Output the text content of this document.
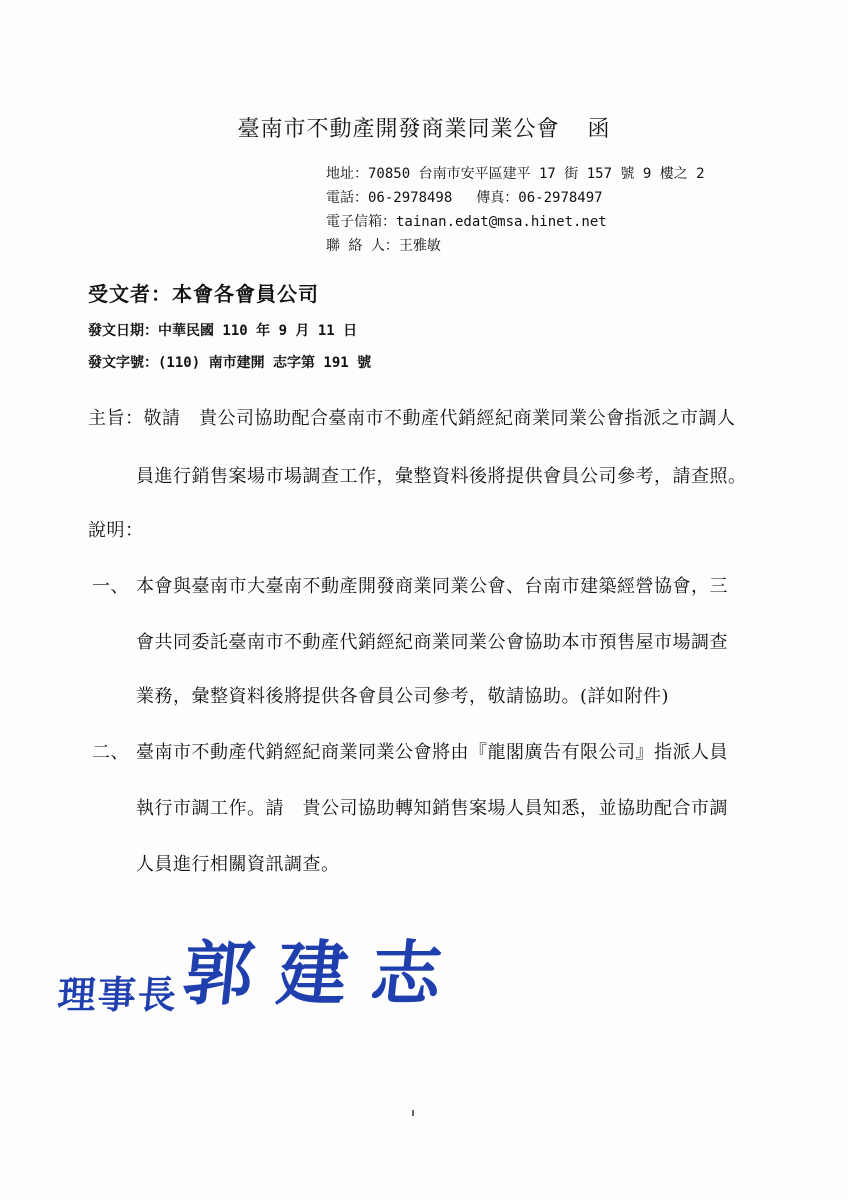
臺南市不動產開發商業同業公會 函
地址：70850 台南市安平區建平 17 街 157 號 9 樓之 2
電話：06-2978498 傳真：06-2978497
電子信箱：tainan.edat@msa.hinet.net
聯 絡 人：王雅敏
受文者：本會各會員公司
發文日期：中華民國 110 年 9 月 11 日
發文字號：(110) 南市建開 志字第 191 號
主旨：敬請　貴公司協助配合臺南市不動產代銷經紀商業同業公會指派之市調人
員進行銷售案場市場調查工作，彙整資料後將提供會員公司參考，請查照。
說明：
一、 本會與臺南市大臺南不動產開發商業同業公會、台南市建築經營協會，三
會共同委託臺南市不動產代銷經紀商業同業公會協助本市預售屋市場調查
業務，彙整資料後將提供各會員公司參考，敬請協助。(詳如附件)
二、 臺南市不動產代銷經紀商業同業公會將由『龍閣廣告有限公司』指派人員
執行市調工作。請　貴公司協助轉知銷售案場人員知悉，並協助配合市調
人員進行相關資訊調查。
理事長郭建志
